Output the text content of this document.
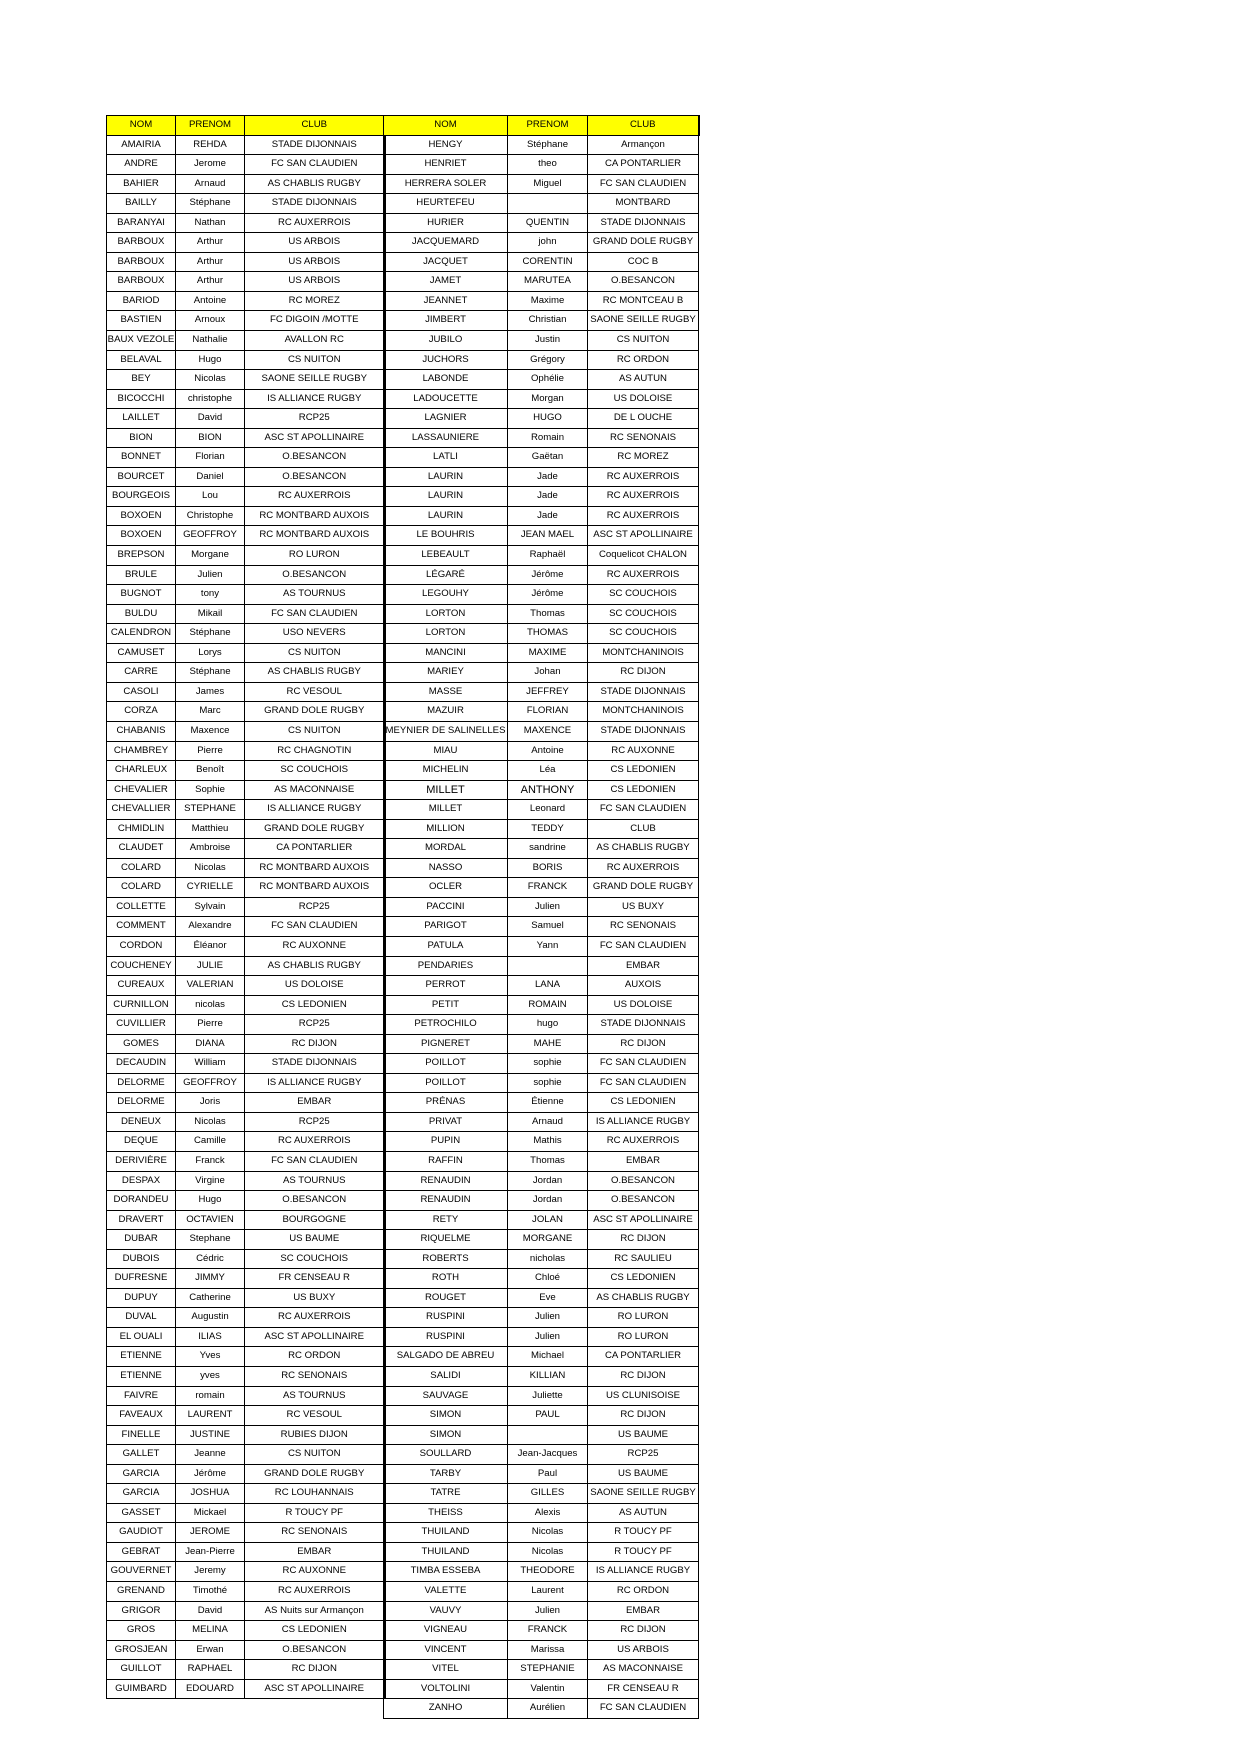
NOM	PRENOM	CLUB
AMAIRIA	REHDA	STADE DIJONNAIS
ANDRE	Jerome	FC SAN CLAUDIEN
BAHIER	Arnaud	AS CHABLIS RUGBY
BAILLY	Stéphane	STADE DIJONNAIS
BARANYAI	Nathan	RC AUXERROIS
BARBOUX	Arthur	US ARBOIS
BARBOUX	Arthur	US ARBOIS
BARBOUX	Arthur	US ARBOIS
BARIOD	Antoine	RC MOREZ
BASTIEN	Arnoux	FC DIGOIN /MOTTE
BAUX VEZOLE	Nathalie	AVALLON RC
BELAVAL	Hugo	CS NUITON
BEY	Nicolas	SAONE SEILLE RUGBY
BICOCCHI	christophe	IS ALLIANCE RUGBY
LAILLET	David	RCP25
BION	BION	ASC ST APOLLINAIRE
BONNET	Florian	O.BESANCON
BOURCET	Daniel	O.BESANCON
BOURGEOIS	Lou	RC AUXERROIS
BOXOEN	Christophe	RC MONTBARD AUXOIS
BOXOEN	GEOFFROY	RC MONTBARD AUXOIS
BREPSON	Morgane	RO LURON
BRULE	Julien	O.BESANCON
BUGNOT	tony	AS TOURNUS
BULDU	Mikail	FC SAN CLAUDIEN
CALENDRON	Stéphane	USO NEVERS
CAMUSET	Lorys	CS NUITON
CARRE	Stéphane	AS CHABLIS RUGBY
CASOLI	James	RC VESOUL
CORZA	Marc	GRAND DOLE RUGBY
CHABANIS	Maxence	CS NUITON
CHAMBREY	Pierre	RC CHAGNOTIN
CHARLEUX	Benoît	SC COUCHOIS
CHEVALIER	Sophie	AS MACONNAISE
CHEVALLIER	STEPHANE	IS ALLIANCE RUGBY
CHMIDLIN	Matthieu	GRAND DOLE RUGBY
CLAUDET	Ambroise	CA PONTARLIER
COLARD	Nicolas	RC MONTBARD AUXOIS
COLARD	CYRIELLE	RC MONTBARD AUXOIS
COLLETTE	Sylvain	RCP25
COMMENT	Alexandre	FC SAN CLAUDIEN
CORDON	Éléanor	RC AUXONNE
COUCHENEY	JULIE	AS CHABLIS RUGBY
CUREAUX	VALERIAN	US DOLOISE
CURNILLON	nicolas	CS LEDONIEN
CUVILLIER	Pierre	RCP25
GOMES	DIANA	RC DIJON
DECAUDIN	William	STADE DIJONNAIS
DELORME	GEOFFROY	IS ALLIANCE RUGBY
DELORME	Joris	EMBAR
DENEUX	Nicolas	RCP25
DEQUE	Camille	RC AUXERROIS
DERIVIÈRE	Franck	FC SAN CLAUDIEN
DESPAX	Virgine	AS TOURNUS
DORANDEU	Hugo	O.BESANCON
DRAVERT	OCTAVIEN	BOURGOGNE
DUBAR	Stephane	US BAUME
DUBOIS	Cédric	SC COUCHOIS
DUFRESNE	JIMMY	FR CENSEAU R
DUPUY	Catherine	US BUXY
DUVAL	Augustin	RC AUXERROIS
EL OUALI	ILIAS	ASC ST APOLLINAIRE
ETIENNE	Yves	RC ORDON
ETIENNE	yves	RC SENONAIS
FAIVRE	romain	AS TOURNUS
FAVEAUX	LAURENT	RC VESOUL
FINELLE	JUSTINE	RUBIES DIJON
GALLET	Jeanne	CS NUITON
GARCIA	Jérôme	GRAND DOLE RUGBY
GARCIA	JOSHUA	RC LOUHANNAIS
GASSET	Mickael	R TOUCY PF
GAUDIOT	JEROME	RC SENONAIS
GEBRAT	Jean-Pierre	EMBAR
GOUVERNET	Jeremy	RC AUXONNE
GRENAND	Timothé	RC AUXERROIS
GRIGOR	David	AS Nuits sur Armançon
GROS	MELINA	CS LEDONIEN
GROSJEAN	Erwan	O.BESANCON
GUILLOT	RAPHAEL	RC DIJON
GUIMBARD	EDOUARD	ASC ST APOLLINAIRE
NOM	PRENOM	CLUB
HENGY	Stéphane	Armançon
HENRIET	theo	CA PONTARLIER
HERRERA SOLER	Miguel	FC SAN CLAUDIEN
HEURTEFEU		MONTBARD
HURIER	QUENTIN	STADE DIJONNAIS
JACQUEMARD	john	GRAND DOLE RUGBY
JACQUET	CORENTIN	COC B
JAMET	MARUTEA	O.BESANCON
JEANNET	Maxime	RC MONTCEAU B
JIMBERT	Christian	SAONE SEILLE RUGBY
JUBILO	Justin	CS NUITON
JUCHORS	Grégory	RC ORDON
LABONDE	Ophélie	AS AUTUN
LADOUCETTE	Morgan	US DOLOISE
LAGNIER	HUGO	DE L OUCHE
LASSAUNIERE	Romain	RC SENONAIS
LATLI	Gaëtan	RC MOREZ
LAURIN	Jade	RC AUXERROIS
LAURIN	Jade	RC AUXERROIS
LAURIN	Jade	RC AUXERROIS
LE BOUHRIS	JEAN MAEL	ASC ST APOLLINAIRE
LEBEAULT	Raphaël	Coquelicot CHALON
LÉGARÉ	Jérôme	RC AUXERROIS
LEGOUHY	Jérôme	SC COUCHOIS
LORTON	Thomas	SC COUCHOIS
LORTON	THOMAS	SC COUCHOIS
MANCINI	MAXIME	MONTCHANINOIS
MARIEY	Johan	RC DIJON
MASSE	JEFFREY	STADE DIJONNAIS
MAZUIR	FLORIAN	MONTCHANINOIS
MEYNIER DE SALINELLES	MAXENCE	STADE DIJONNAIS
MIAU	Antoine	RC AUXONNE
MICHELIN	Léa	CS LEDONIEN
MILLET	ANTHONY	CS LEDONIEN
MILLET	Leonard	FC SAN CLAUDIEN
MILLION	TEDDY	CLUB
MORDAL	sandrine	AS CHABLIS RUGBY
NASSO	BORIS	RC AUXERROIS
OCLER	FRANCK	GRAND DOLE RUGBY
PACCINI	Julien	US BUXY
PARIGOT	Samuel	RC SENONAIS
PATULA	Yann	FC SAN CLAUDIEN
PENDARIES		EMBAR
PERROT	LANA	AUXOIS
PETIT	ROMAIN	US DOLOISE
PETROCHILO	hugo	STADE DIJONNAIS
PIGNERET	MAHE	RC DIJON
POILLOT	sophie	FC SAN CLAUDIEN
POILLOT	sophie	FC SAN CLAUDIEN
PRÉNAS	Étienne	CS LEDONIEN
PRIVAT	Arnaud	IS ALLIANCE RUGBY
PUPIN	Mathis	RC AUXERROIS
RAFFIN	Thomas	EMBAR
RENAUDIN	Jordan	O.BESANCON
RENAUDIN	Jordan	O.BESANCON
RETY	JOLAN	ASC ST APOLLINAIRE
RIQUELME	MORGANE	RC DIJON
ROBERTS	nicholas	RC SAULIEU
ROTH	Chloé	CS LEDONIEN
ROUGET	Eve	AS CHABLIS RUGBY
RUSPINI	Julien	RO LURON
RUSPINI	Julien	RO LURON
SALGADO DE ABREU	Michael	CA PONTARLIER
SALIDI	KILLIAN	RC DIJON
SAUVAGE	Juliette	US CLUNISOISE
SIMON	PAUL	RC DIJON
SIMON		US BAUME
SOULLARD	Jean-Jacques	RCP25
TARBY	Paul	US BAUME
TATRE	GILLES	SAONE SEILLE RUGBY
THEISS	Alexis	AS AUTUN
THUILAND	Nicolas	R TOUCY PF
THUILAND	Nicolas	R TOUCY PF
TIMBA ESSEBA	THEODORE	IS ALLIANCE RUGBY
VALETTE	Laurent	RC ORDON
VAUVY	Julien	EMBAR
VIGNEAU	FRANCK	RC DIJON
VINCENT	Marissa	US ARBOIS
VITEL	STEPHANIE	AS MACONNAISE
VOLTOLINI	Valentin	FR CENSEAU R
ZANHO	Aurélien	FC SAN CLAUDIEN
